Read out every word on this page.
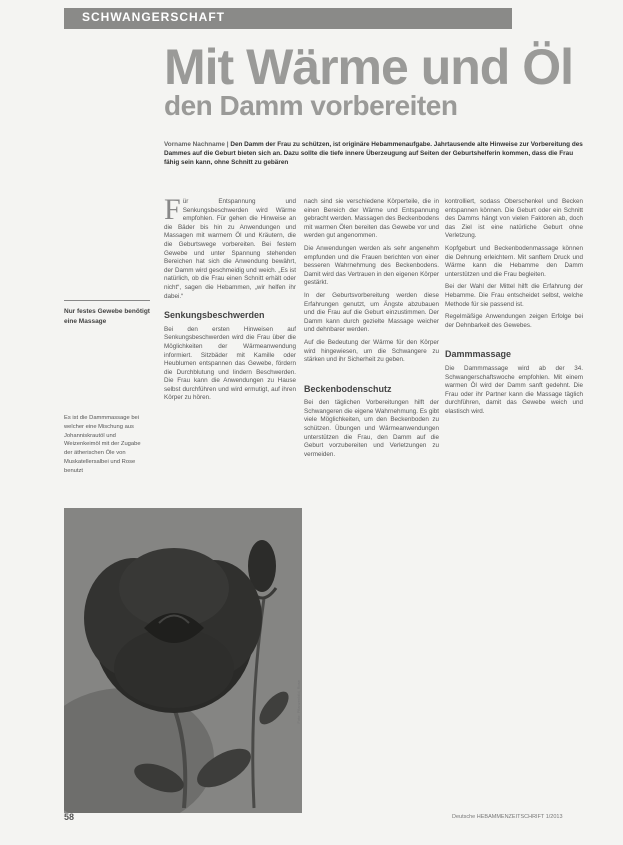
SCHWANGERSCHAFT
Mit Wärme und Öl
den Damm vorbereiten
Vorname Nachname | Den Damm der Frau zu schützen, ist originäre Hebammenaufgabe. Jahrtausende alte Hinweise zur Vorbereitung des Dammes auf die Geburt bieten sich an. Dazu sollte die tiefe innere Überzeugung auf Seiten der Geburtshelferin kommen, dass die Frau fähig sein kann, ohne Schnitt zu gebären
Nur festes Gewebe benötigt eine Massage
Es ist die Dammmassage bei welcher eine Mischung aus Johanniskrautöl und Weizenkeimöl mit der Zugabe der ätherischen Öle von Muskatellersalbei und Rose benutzt

F ür Entspannung und Senkungsbeschwerden wird Wärme empfohlen. Für gehen die Hinweise an die Bäder bis hin zu Anwendungen und Massagen mit warmem Öl und Kräutern, die die Geburtswege vorbereiten. Bei festem Gewebe und unter Spannung stehenden Bereichen hat sich die Anwendung bewährt, der Damm wird geschmeidig und weich. „Es ist natürlich, ob die Frau einen Schnitt erhält oder nicht“, sagen die Hebammen, „wir helfen ihr dabei.“

Senkungsbeschwerden

Bei den ersten Hinweisen auf Senkungsbeschwerden wird die Frau über die Möglichkeiten der Wärmeanwendung informiert. Sitzbäder mit Kamille oder Heublumen entspannen das Gewebe, fördern die Durchblutung und lindern Beschwerden. Die Frau kann die Anwendungen zu Hause selbst durchführen und wird ermutigt, auf ihren Körper zu hören.

nach sind sie verschiedene Körperteile, die in einen Bereich der Wärme und Entspannung gebracht werden. Massagen des Beckenbodens mit warmen Ölen bereiten das Gewebe vor und werden gut angenommen.

Die Anwendungen werden als sehr angenehm empfunden und die Frauen berichten von einer besseren Wahrnehmung des Beckenbodens. Damit wird das Vertrauen in den eigenen Körper gestärkt.

In der Geburtsvorbereitung werden diese Erfahrungen genutzt, um Ängste abzubauen und die Frau auf die Geburt einzustimmen. Der Damm kann durch gezielte Massage weicher und dehnbarer werden.

Auf die Bedeutung der Wärme für den Körper wird hingewiesen, um die Schwangere zu stärken und ihr Sicherheit zu geben.

Beckenbodenschutz

Bei den täglichen Vorbereitungen hilft der Schwangeren die eigene Wahrnehmung. Es gibt viele Möglichkeiten, um den Beckenboden zu schützen. Übungen und Wärmeanwendungen unterstützen die Frau, den Damm auf die Geburt vorzubereiten und Verletzungen zu vermeiden.

kontrolliert, sodass Oberschenkel und Becken entspannen können. Die Geburt oder ein Schnitt des Damms hängt von vielen Faktoren ab, doch das Ziel ist eine natürliche Geburt ohne Verletzung.

Kopfgeburt und Beckenbodenmassage können die Dehnung erleichtern. Mit sanftem Druck und Wärme kann die Hebamme den Damm unterstützen und die Frau begleiten.

Bei der Wahl der Mittel hilft die Erfahrung der Hebamme. Die Frau entscheidet selbst, welche Methode für sie passend ist.

Regelmäßige Anwendungen zeigen Erfolge bei der Dehnbarkeit des Gewebes.

Dammmassage

Die Dammmassage wird ab der 34. Schwangerschaftswoche empfohlen. Mit einem warmen Öl wird der Damm sanft gedehnt. Die Frau oder ihr Partner kann die Massage täglich durchführen, damit das Gewebe weich und elastisch wird.

Foto: Pflanzenbild, Rose
58	Deutsche HEBAMMENZEITSCHRIFT 1/2013
